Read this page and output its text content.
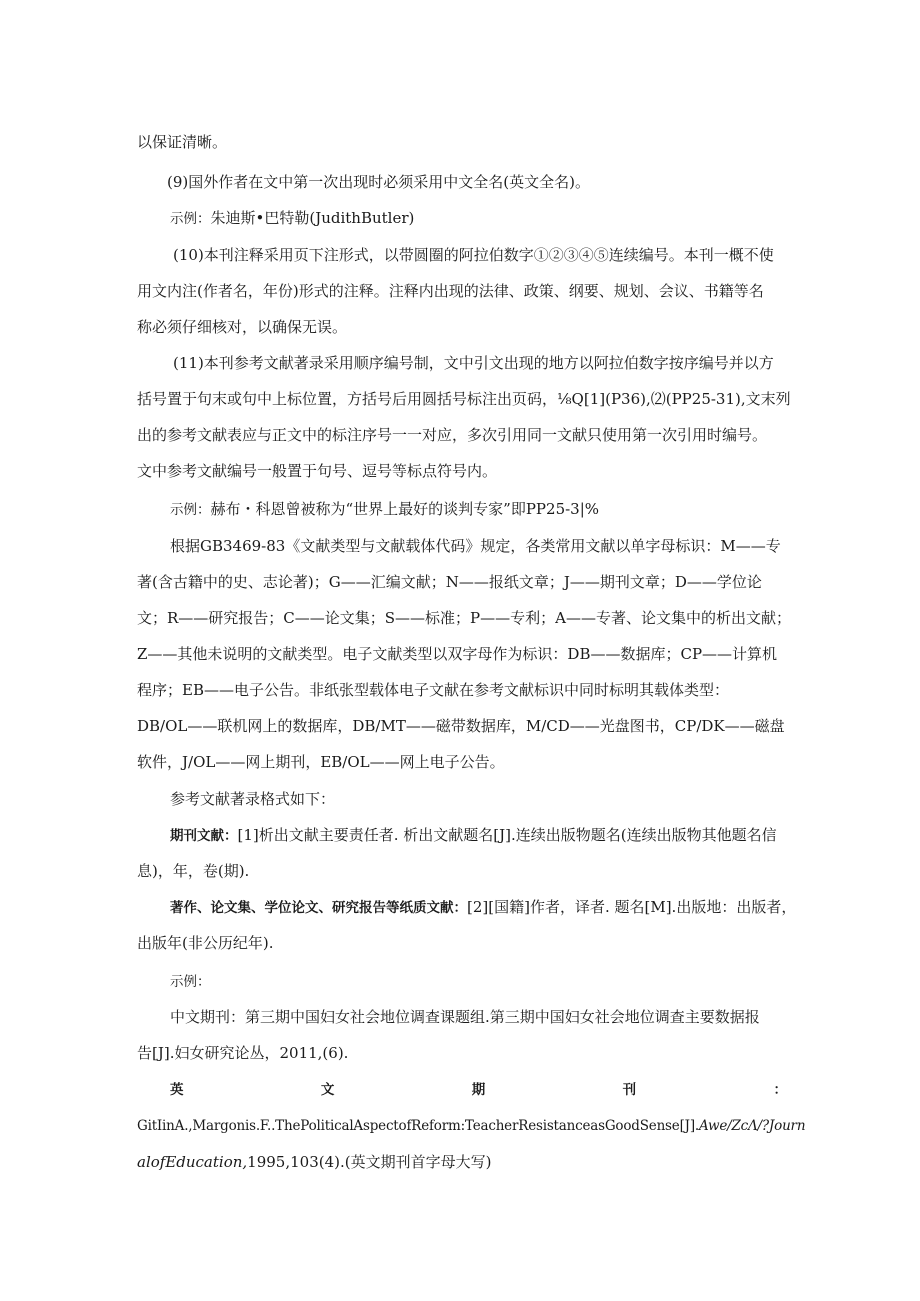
以保证清晰。
(9)国外作者在文中第一次出现时必须采用中文全名(英文全名)。
示例：朱迪斯•巴特勒(JudithButler)
(10)本刊注释采用页下注形式，以带圆圈的阿拉伯数字①②③④⑤连续编号。本刊一概不使
用文内注(作者名，年份)形式的注释。注释内出现的法律、政策、纲要、规划、会议、书籍等名
称必须仔细核对，以确保无误。
(11)本刊参考文献著录采用顺序编号制，文中引文出现的地方以阿拉伯数字按序编号并以方
括号置于句末或句中上标位置，方括号后用圆括号标注出页码，⅛Q[1](P36),⑵(PP25-31),文末列
出的参考文献表应与正文中的标注序号一一对应，多次引用同一文献只使用第一次引用时编号。
文中参考文献编号一般置于句号、逗号等标点符号内。
示例：赫布・科恩曾被称为“世界上最好的谈判专家”即PP25-3|%
根据GB3469-83《文献类型与文献载体代码》规定，各类常用文献以单字母标识：M——专
著(含古籍中的史、志论著)；G——汇编文献；N——报纸文章；J——期刊文章；D——学位论
文；R——研究报告；C——论文集；S——标准；P——专利；A——专著、论文集中的析出文献；
Z——其他未说明的文献类型。电子文献类型以双字母作为标识：DB——数据库；CP——计算机
程序；EB——电子公告。非纸张型载体电子文献在参考文献标识中同时标明其载体类型：
DB/OL——联机网上的数据库，DB/MT——磁带数据库，M/CD——光盘图书，CP/DK——磁盘
软件，J/OL——网上期刊，EB/OL——网上电子公告。
参考文献著录格式如下：
期刊文献：[1]析出文献主要责任者. 析出文献题名[J].连续出版物题名(连续出版物其他题名信
息)，年，卷(期).
著作、论文集、学位论文、研究报告等纸质文献：[2][国籍]作者，译者. 题名[M].出版地：出版者，
出版年(非公历纪年).
示例：
中文期刊：第三期中国妇女社会地位调查课题组.第三期中国妇女社会地位调查主要数据报
告[J].妇女研究论丛，2011,(6).
英	文	期	刊	：
GitIinA.,Margonis.F..ThePoliticalAspectofReform:TeacherResistanceasGoodSense[J].Awe/ZcΛ/?Journ
alofEducation,1995,103(4).(英文期刊首字母大写)
